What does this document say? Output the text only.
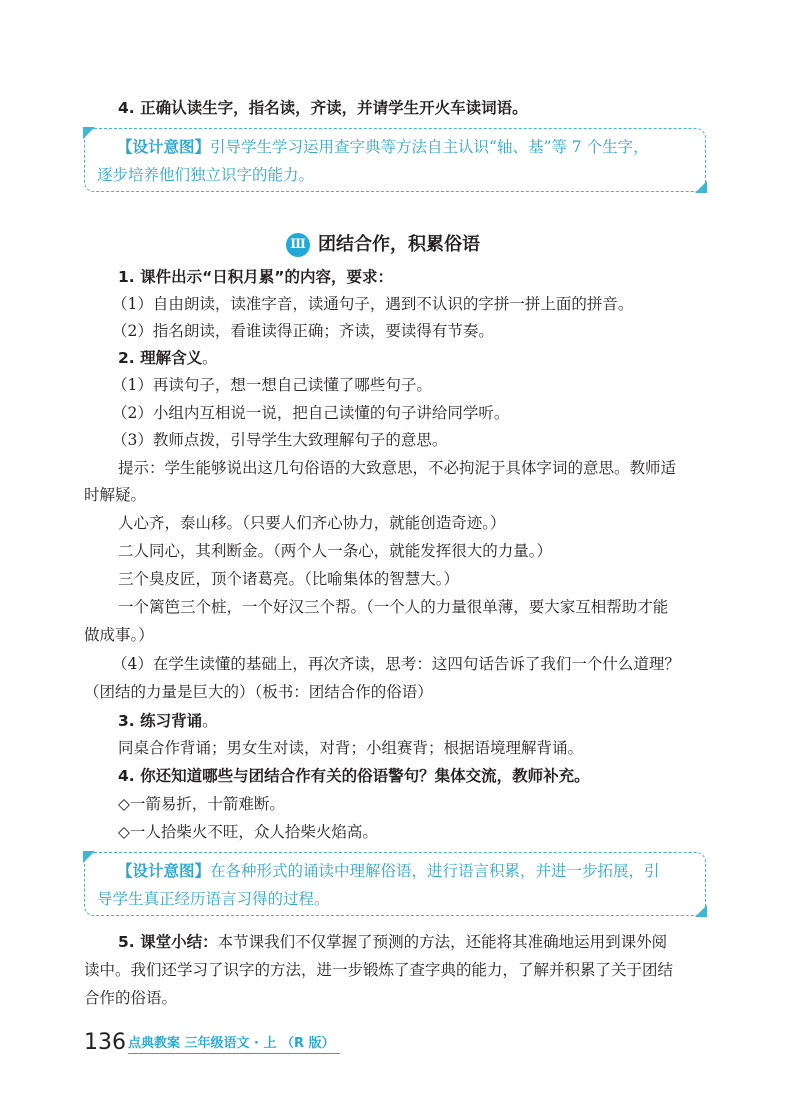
4. 正确认读生字，指名读，齐读，并请学生开火车读词语。
【设计意图】引导学生学习运用查字典等方法自主认识“轴、基”等 7 个生字，
逐步培养他们独立识字的能力。
Ⅲ 团结合作，积累俗语
1. 课件出示“日积月累”的内容，要求：
（1）自由朗读，读准字音，读通句子，遇到不认识的字拼一拼上面的拼音。
（2）指名朗读，看谁读得正确；齐读，要读得有节奏。
2. 理解含义。
（1）再读句子，想一想自己读懂了哪些句子。
（2）小组内互相说一说，把自己读懂的句子讲给同学听。
（3）教师点拨，引导学生大致理解句子的意思。
提示：学生能够说出这几句俗语的大致意思，不必拘泥于具体字词的意思。教师适
时解疑。
人心齐，泰山移。（只要人们齐心协力，就能创造奇迹。）
二人同心，其利断金。（两个人一条心，就能发挥很大的力量。）
三个臭皮匠，顶个诸葛亮。（比喻集体的智慧大。）
一个篱笆三个桩，一个好汉三个帮。（一个人的力量很单薄，要大家互相帮助才能
做成事。）
（4）在学生读懂的基础上，再次齐读，思考：这四句话告诉了我们一个什么道理？
（团结的力量是巨大的）（板书：团结合作的俗语）
3. 练习背诵。
同桌合作背诵；男女生对读，对背；小组赛背；根据语境理解背诵。
4. 你还知道哪些与团结合作有关的俗语警句？集体交流，教师补充。
◇一箭易折，十箭难断。
◇一人拾柴火不旺，众人拾柴火焰高。
【设计意图】在各种形式的诵读中理解俗语，进行语言积累，并进一步拓展，引
导学生真正经历语言习得的过程。
5. 课堂小结：本节课我们不仅掌握了预测的方法，还能将其准确地运用到课外阅
读中。我们还学习了识字的方法，进一步锻炼了查字典的能力，了解并积累了关于团结
合作的俗语。
136 点典教案 三年级语文 · 上 （R 版）
